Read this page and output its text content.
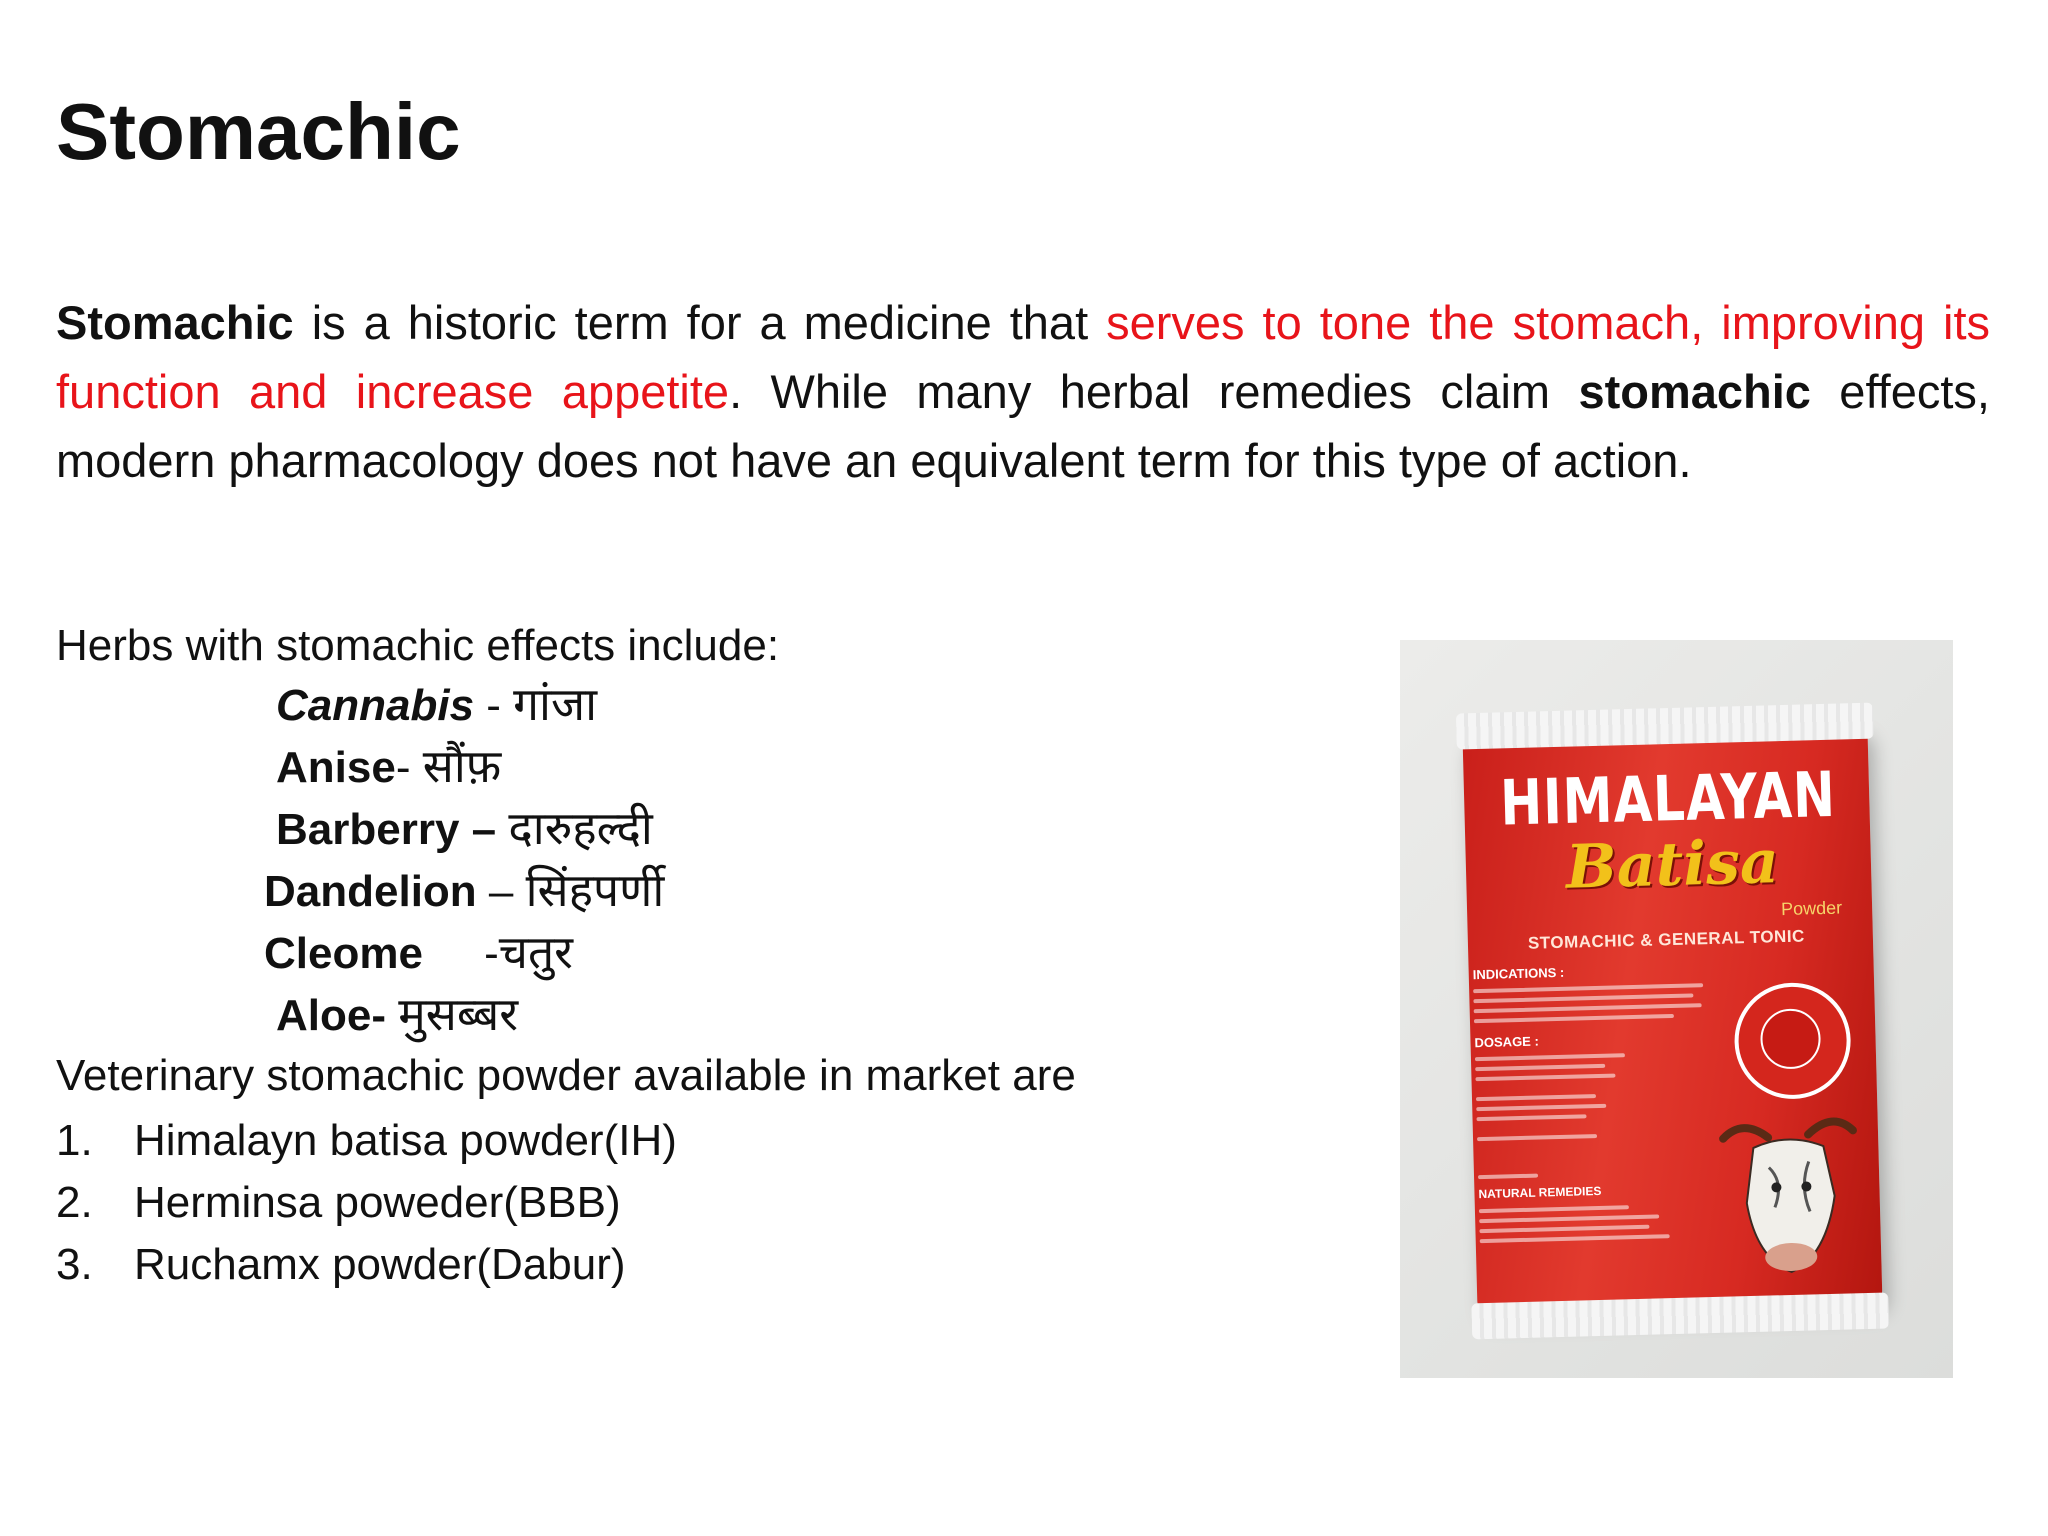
Stomachic

Stomachic is a historic term for a medicine that serves to tone the stomach, improving its function and increase appetite. While many herbal remedies claim stomachic effects, modern pharmacology does not have an equivalent term for this type of action.

Herbs with stomachic effects include:

Cannabis - गांजा
Anise- सौंफ़
Barberry – दारुहल्दी
Dandelion – सिंहपर्णी
Cleome     -चतुर
Aloe- मुसब्बर

Veterinary stomachic powder available in market are

1. Himalayn batisa powder(IH)
2. Herminsa poweder(BBB)
3. Ruchamx powder(Dabur)
HIMALAYAN
Batisa
Powder
STOMACHIC & GENERAL TONIC
INDICATIONS :
DOSAGE :
NATURAL REMEDIES
